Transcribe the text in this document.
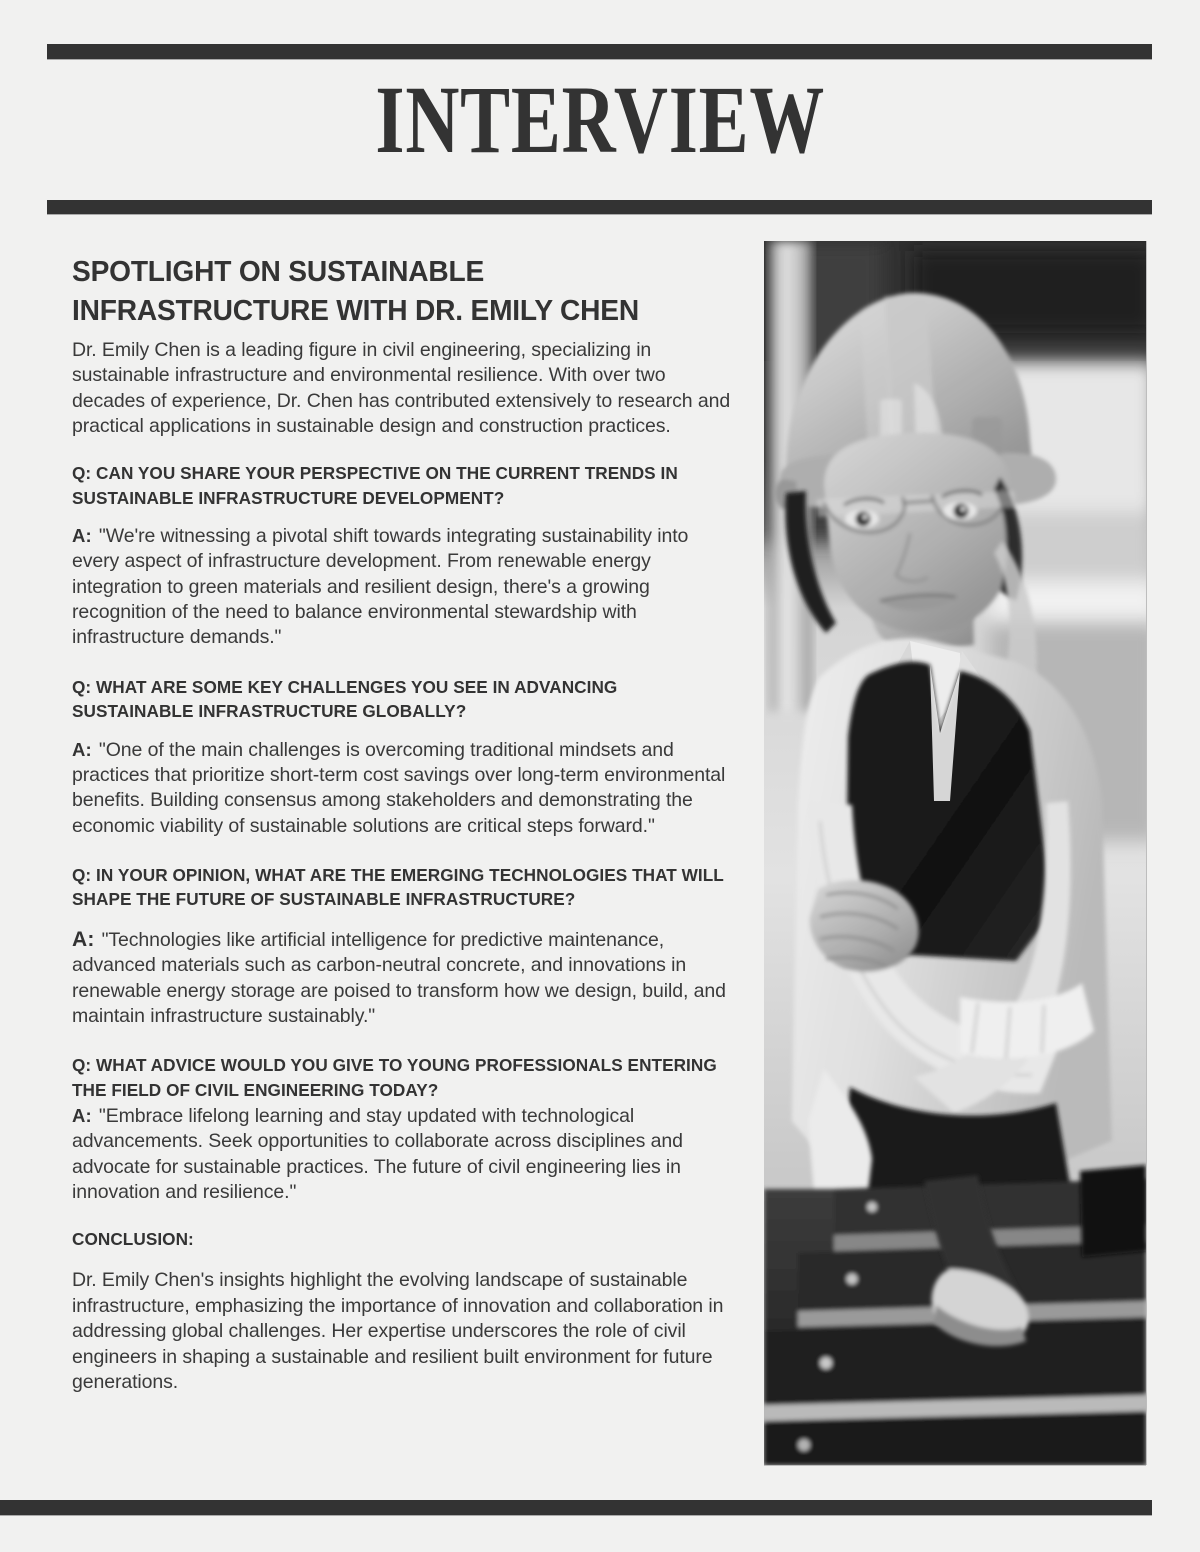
INTERVIEW
SPOTLIGHT ON SUSTAINABLE INFRASTRUCTURE WITH DR. EMILY CHEN

Dr. Emily Chen is a leading figure in civil engineering, specializing in sustainable infrastructure and environmental resilience. With over two decades of experience, Dr. Chen has contributed extensively to research and practical applications in sustainable design and construction practices.

Q: CAN YOU SHARE YOUR PERSPECTIVE ON THE CURRENT TRENDS IN SUSTAINABLE INFRASTRUCTURE DEVELOPMENT?

A: "We're witnessing a pivotal shift towards integrating sustainability into every aspect of infrastructure development. From renewable energy integration to green materials and resilient design, there's a growing recognition of the need to balance environmental stewardship with infrastructure demands."

Q: WHAT ARE SOME KEY CHALLENGES YOU SEE IN ADVANCING SUSTAINABLE INFRASTRUCTURE GLOBALLY?

A: "One of the main challenges is overcoming traditional mindsets and practices that prioritize short-term cost savings over long-term environmental benefits. Building consensus among stakeholders and demonstrating the economic viability of sustainable solutions are critical steps forward."

Q: IN YOUR OPINION, WHAT ARE THE EMERGING TECHNOLOGIES THAT WILL SHAPE THE FUTURE OF SUSTAINABLE INFRASTRUCTURE?

A: "Technologies like artificial intelligence for predictive maintenance, advanced materials such as carbon-neutral concrete, and innovations in renewable energy storage are poised to transform how we design, build, and maintain infrastructure sustainably."

Q: WHAT ADVICE WOULD YOU GIVE TO YOUNG PROFESSIONALS ENTERING THE FIELD OF CIVIL ENGINEERING TODAY?

A: "Embrace lifelong learning and stay updated with technological advancements. Seek opportunities to collaborate across disciplines and advocate for sustainable practices. The future of civil engineering lies in innovation and resilience."

CONCLUSION:

Dr. Emily Chen's insights highlight the evolving landscape of sustainable infrastructure, emphasizing the importance of innovation and collaboration in addressing global challenges. Her expertise underscores the role of civil engineers in shaping a sustainable and resilient built environment for future generations.
